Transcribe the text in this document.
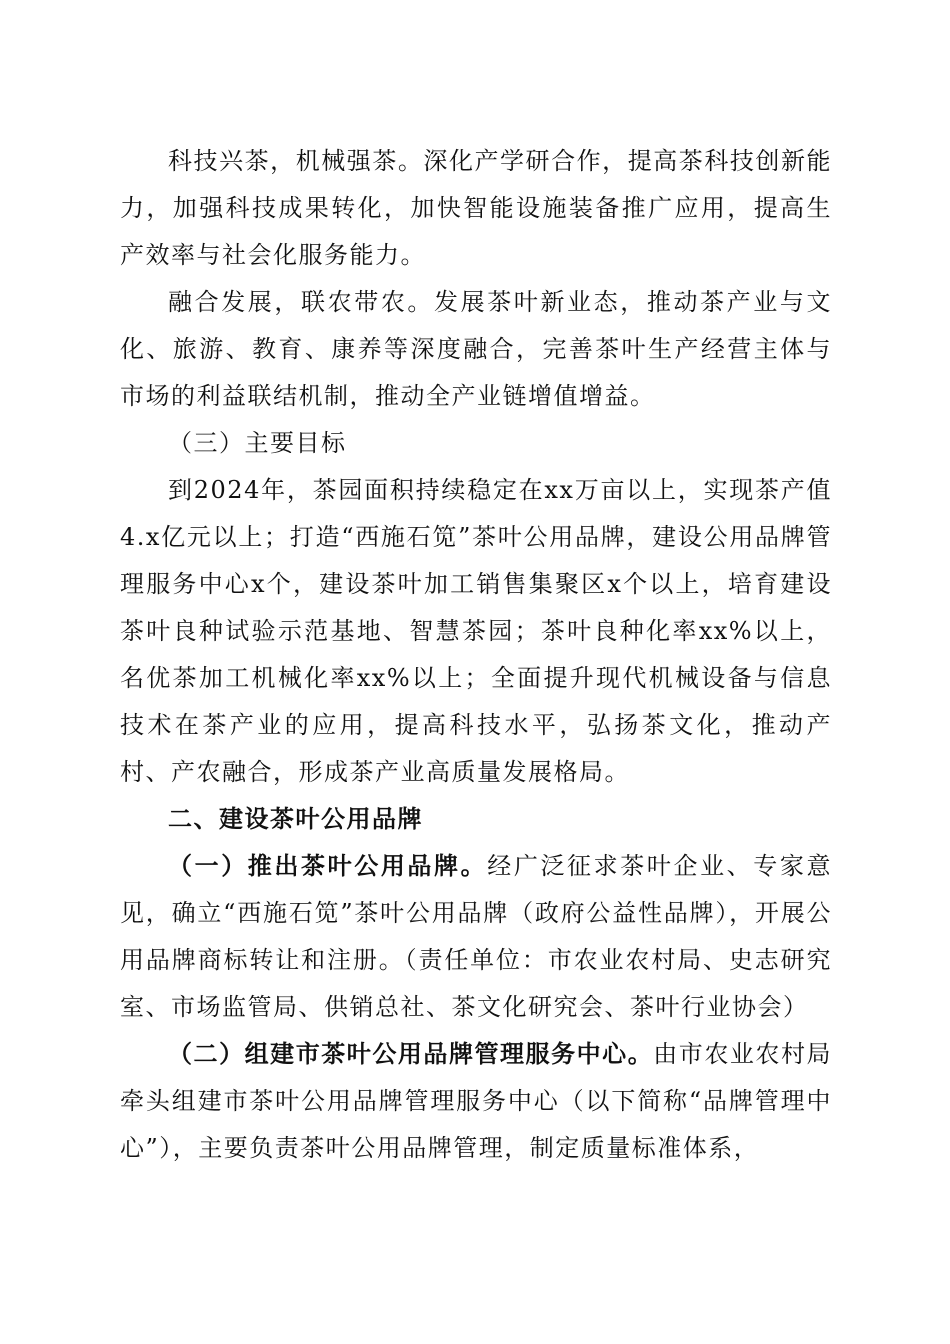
科技兴茶，机械强茶。深化产学研合作，提高茶科技创新能力，加强科技成果转化，加快智能设施装备推广应用，提高生产效率与社会化服务能力。

融合发展，联农带农。发展茶叶新业态，推动茶产业与文化、旅游、教育、康养等深度融合，完善茶叶生产经营主体与市场的利益联结机制，推动全产业链增值增益。

（三）主要目标

到2024年，茶园面积持续稳定在xx万亩以上，实现茶产值4.x亿元以上；打造“西施石笕”茶叶公用品牌，建设公用品牌管理服务中心x个，建设茶叶加工销售集聚区x个以上，培育建设茶叶良种试验示范基地、智慧茶园；茶叶良种化率xx%以上，名优茶加工机械化率xx%以上；全面提升现代机械设备与信息技术在茶产业的应用，提高科技水平，弘扬茶文化，推动产村、产农融合，形成茶产业高质量发展格局。

二、建设茶叶公用品牌

（一）推出茶叶公用品牌。经广泛征求茶叶企业、专家意见，确立“西施石笕”茶叶公用品牌（政府公益性品牌），开展公用品牌商标转让和注册。（责任单位：市农业农村局、史志研究室、市场监管局、供销总社、茶文化研究会、茶叶行业协会）

（二）组建市茶叶公用品牌管理服务中心。由市农业农村局牵头组建市茶叶公用品牌管理服务中心（以下简称“品牌管理中心”），主要负责茶叶公用品牌管理，制定质量标准体系，
